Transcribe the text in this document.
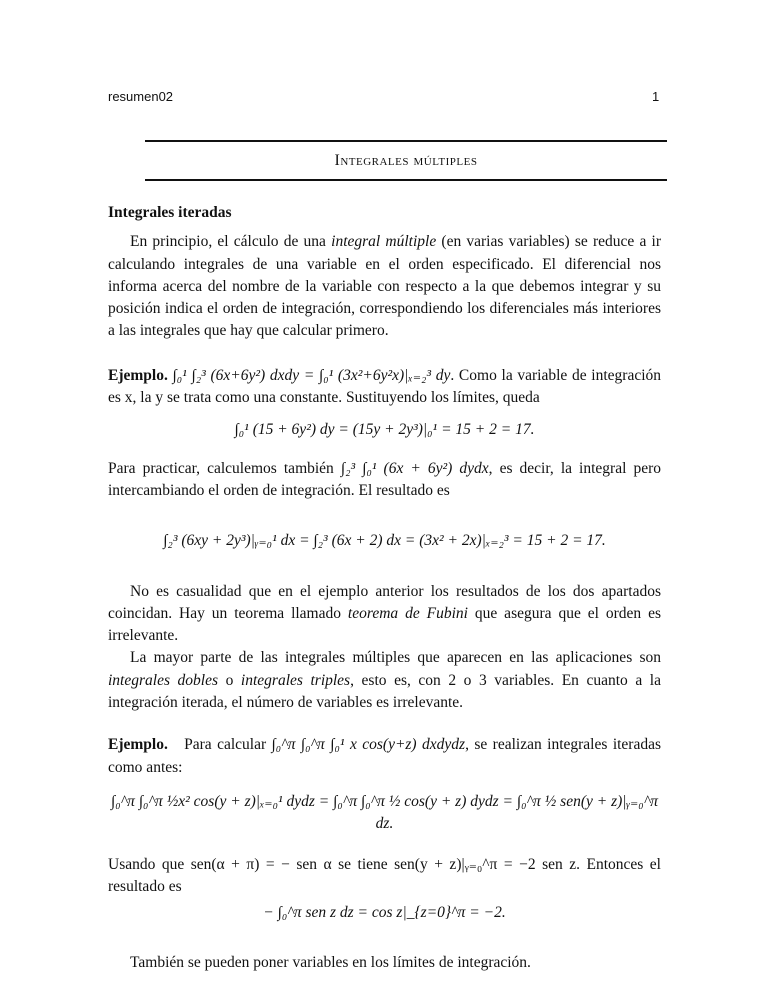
resumen02	1
Integrales múltiples
Integrales iteradas
En principio, el cálculo de una integral múltiple (en varias variables) se reduce a ir calculando integrales de una variable en el orden especificado. El diferencial nos informa acerca del nombre de la variable con respecto a la que debemos integrar y su posición indica el orden de integración, correspondiendo los diferenciales más interiores a las integrales que hay que calcular primero.
Ejemplo. ∫₀¹ ∫₂³ (6x+6y²) dxdy = ∫₀¹ (3x²+6y²x)|ₓ₌₂³ dy. Como la variable de integración es x, la y se trata como una constante. Sustituyendo los límites, queda
∫₀¹ (15 + 6y²) dy = (15y + 2y³)|₀¹ = 15 + 2 = 17.
Para practicar, calculemos también ∫₂³ ∫₀¹ (6x + 6y²) dydx, es decir, la integral pero intercambiando el orden de integración. El resultado es
∫₂³ (6xy + 2y³)|ᵧ₌₀¹ dx = ∫₂³ (6x + 2) dx = (3x² + 2x)|ₓ₌₂³ = 15 + 2 = 17.
No es casualidad que en el ejemplo anterior los resultados de los dos apartados coincidan. Hay un teorema llamado teorema de Fubini que asegura que el orden es irrelevante.
La mayor parte de las integrales múltiples que aparecen en las aplicaciones son integrales dobles o integrales triples, esto es, con 2 o 3 variables. En cuanto a la integración iterada, el número de variables es irrelevante.
Ejemplo. Para calcular ∫₀^π ∫₀^π ∫₀¹ x cos(y+z) dxdydz, se realizan integrales iteradas como antes:
∫₀^π ∫₀^π ½x² cos(y + z)|ₓ₌₀¹ dydz = ∫₀^π ∫₀^π ½ cos(y + z) dydz = ∫₀^π ½ sen(y + z)|ᵧ₌₀^π dz.
Usando que sen(α + π) = − sen α se tiene sen(y + z)|ᵧ₌₀^π = −2 sen z. Entonces el resultado es
− ∫₀^π sen z dz = cos z|_{z=0}^π = −2.
También se pueden poner variables en los límites de integración.
